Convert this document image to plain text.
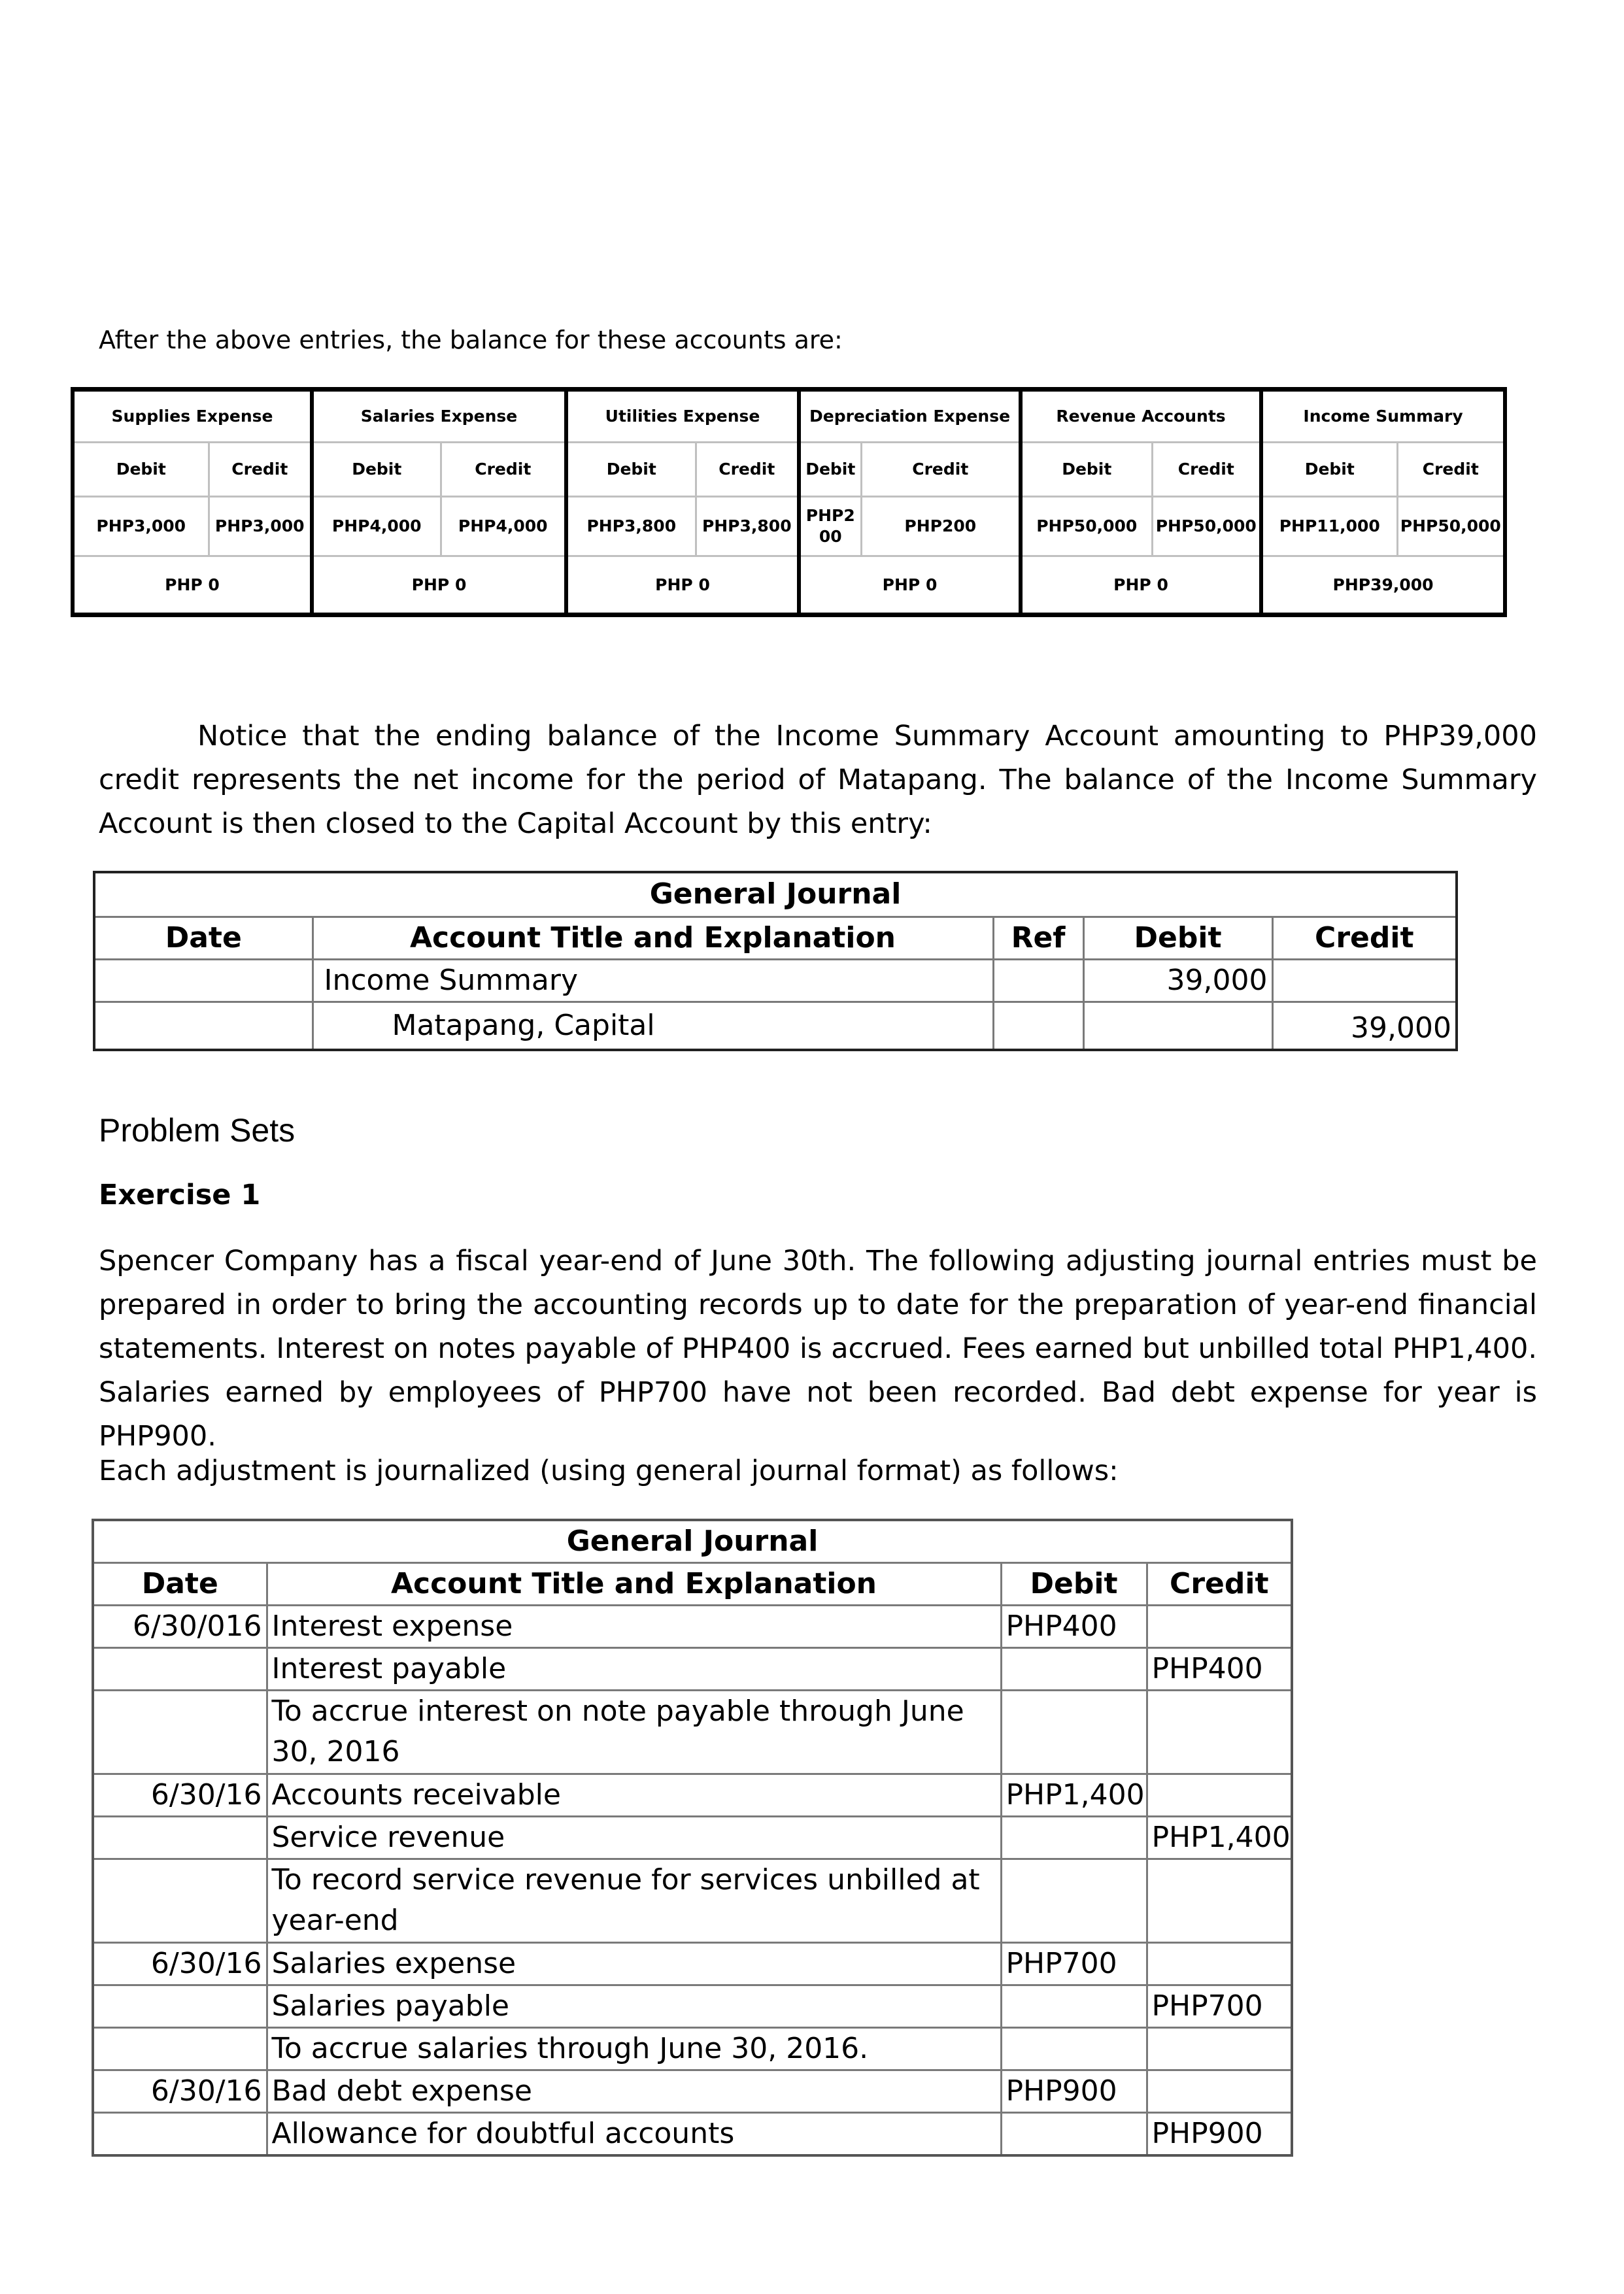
After the above entries, the balance for these accounts are:
Supplies Expense		Salaries Expense		Utilities Expense		Depreciation Expense		Revenue Accounts		Income Summary	
Debit	Credit	Debit	Credit	Debit	Credit	Debit	Credit	Debit	Credit	Debit	Credit
PHP3,000	PHP3,000	PHP4,000	PHP4,000	PHP3,800	PHP3,800	PHP200	PHP200	PHP50,000	PHP50,000	PHP11,000	PHP50,000
PHP 0		PHP 0		PHP 0		PHP 0		PHP 0		PHP39,000	
Notice that the ending balance of the Income Summary Account amounting to PHP39,000 credit represents the net income for the period of Matapang. The balance of the Income Summary Account is then closed to the Capital Account by this entry:
General Journal				
Date	Account Title and Explanation	Ref	Debit	Credit
	Income Summary		39,000	
	Matapang, Capital			39,000
Problem Sets
Exercise 1
Spencer Company has a fiscal year-end of June 30th. The following adjusting journal entries must be prepared in order to bring the accounting records up to date for the preparation of year-end financial statements. Interest on notes payable of PHP400 is accrued. Fees earned but unbilled total PHP1,400. Salaries earned by employees of PHP700 have not been recorded. Bad debt expense for year is PHP900.
Each adjustment is journalized (using general journal format) as follows:
General Journal			
Date	Account Title and Explanation	Debit	Credit
6/30/016	Interest expense	PHP400	
	Interest payable		PHP400
	To accrue interest on note payable through June 30, 2016		
6/30/16	Accounts receivable	PHP1,400	
	Service revenue		PHP1,400
	To record service revenue for services unbilled at year-end		
6/30/16	Salaries expense	PHP700	
	Salaries payable		PHP700
	To accrue salaries through June 30, 2016.		
6/30/16	Bad debt expense	PHP900	
	Allowance for doubtful accounts		PHP900
